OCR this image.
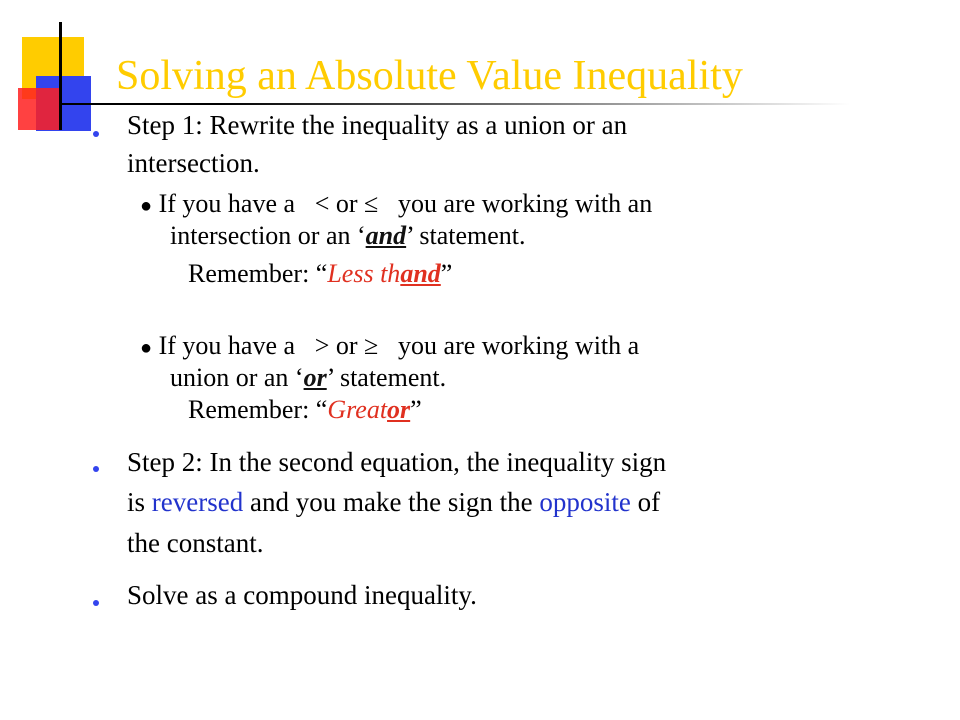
Solving an Absolute Value Inequality
Step 1: Rewrite the inequality as a union or an
intersection.
● If you have a < or ≤ you are working with an
intersection or an ‘and’ statement.
Remember: “Less thand”
● If you have a > or ≥ you are working with a
union or an ‘or’ statement.
Remember: “Greator”
Step 2: In the second equation, the inequality sign
is reversed and you make the sign the opposite of
the constant.
Solve as a compound inequality.
